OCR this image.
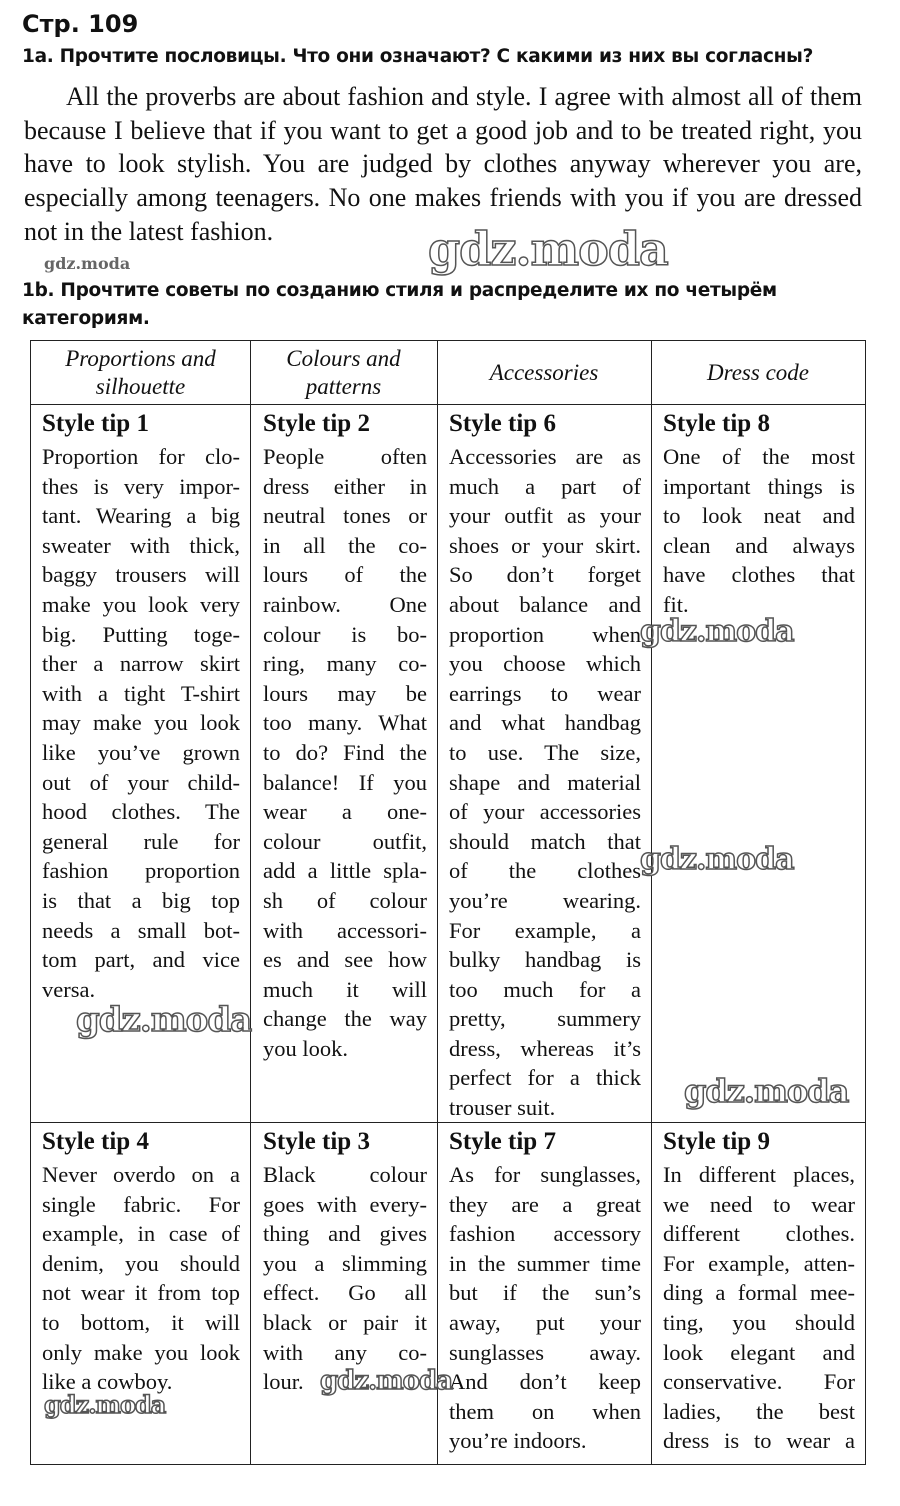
Стр. 109
1a. Прочтите пословицы. Что они означают? С какими из них вы согласны?
All the proverbs are about fashion and style. I agree with almost all of them because I believe that if you want to get a good job and to be treated right, you have to look stylish. You are judged by clothes anyway wherever you are, especially among teenagers. No one makes friends with you if you are dressed not in the latest fashion.
1b. Прочтите советы по созданию стиля и распределите их по четырём категориям.
Proportions and silhouette
Colours and patterns
Accessories	Dress code
Style tip 1
Proportion for clo-
thes is very impor-
tant. Wearing a big
sweater with thick,
baggy trousers will
make you look very
big. Putting toge-
ther a narrow skirt
with a tight T-shirt
may make you look
like you’ve grown
out of your child-
hood clothes. The
general rule for
fashion proportion
is that a big top
needs a small bot-
tom part, and vice
versa.
Style tip 2
People often
dress either in
neutral tones or
in all the co-
lours of the
rainbow. One
colour is bo-
ring, many co-
lours may be
too many. What
to do? Find the
balance! If you
wear a one-
colour outfit,
add a little spla-
sh of colour
with accessori-
es and see how
much it will
change the way
you look.
Style tip 6
Accessories are as
much a part of
your outfit as your
shoes or your skirt.
So don’t forget
about balance and
proportion when
you choose which
earrings to wear
and what handbag
to use. The size,
shape and material
of your accessories
should match that
of the clothes
you’re wearing.
For example, a
bulky handbag is
too much for a
pretty, summery
dress, whereas it’s
perfect for a thick
trouser suit.
Style tip 8
One of the most
important things is
to look neat and
clean and always
have clothes that
fit.
Style tip 4
Never overdo on a
single fabric. For
example, in case of
denim, you should
not wear it from top
to bottom, it will
only make you look
like a cowboy.
Style tip 3
Black colour
goes with every-
thing and gives
you a slimming
effect. Go all
black or pair it
with any co-
lour.
Style tip 7
As for sunglasses,
they are a great
fashion accessory
in the summer time
but if the sun’s
away, put your
sunglasses away.
And don’t keep
them on when
you’re indoors.
Style tip 9
In different places,
we need to wear
different clothes.
For example, atten-
ding a formal mee-
ting, you should
look elegant and
conservative. For
ladies, the best
dress is to wear a
gdz.moda
gdz.moda
gdz.moda
gdz.moda
gdz.moda
gdz.moda
gdz.moda
gdz.moda
